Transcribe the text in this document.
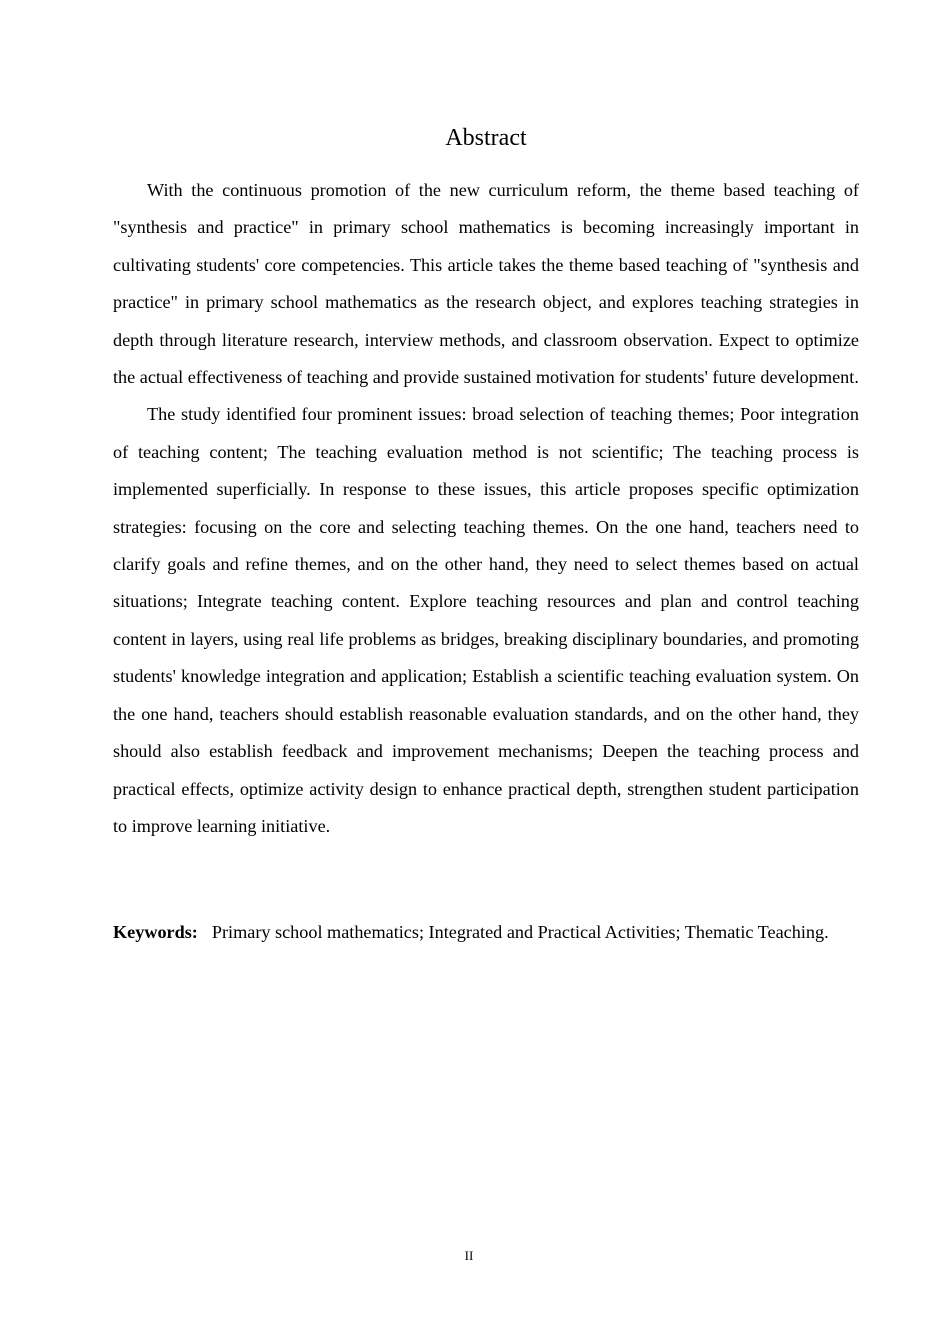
Abstract

With the continuous promotion of the new curriculum reform, the theme based teaching of "synthesis and practice" in primary school mathematics is becoming increasingly important in cultivating students' core competencies. This article takes the theme based teaching of "synthesis and practice" in primary school mathematics as the research object, and explores teaching strategies in depth through literature research, interview methods, and classroom observation. Expect to optimize the actual effectiveness of teaching and provide sustained motivation for students' future development.

The study identified four prominent issues: broad selection of teaching themes; Poor integration of teaching content; The teaching evaluation method is not scientific; The teaching process is implemented superficially. In response to these issues, this article proposes specific optimization strategies: focusing on the core and selecting teaching themes. On the one hand, teachers need to clarify goals and refine themes, and on the other hand, they need to select themes based on actual situations; Integrate teaching content. Explore teaching resources and plan and control teaching content in layers, using real life problems as bridges, breaking disciplinary boundaries, and promoting students' knowledge integration and application; Establish a scientific teaching evaluation system. On the one hand, teachers should establish reasonable evaluation standards, and on the other hand, they should also establish feedback and improvement mechanisms; Deepen the teaching process and practical effects, optimize activity design to enhance practical depth, strengthen student participation to improve learning initiative.

Keywords: Primary school mathematics; Integrated and Practical Activities; Thematic Teaching.

II
